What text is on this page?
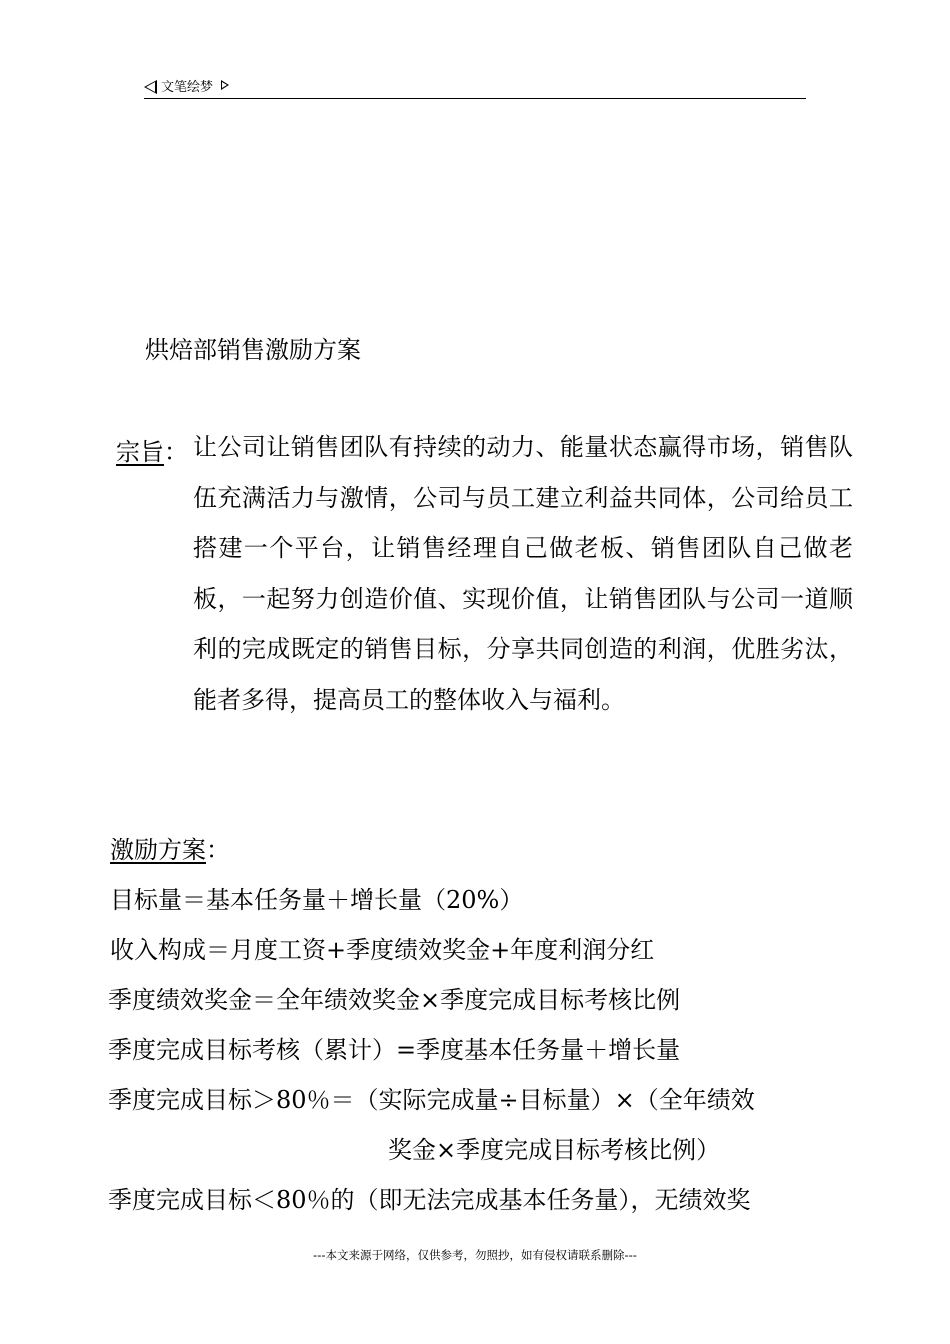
文笔绘梦
烘焙部销售激励方案
宗旨： 让公司让销售团队有持续的动力、能量状态赢得市场，销售队伍充满活力与激情，公司与员工建立利益共同体，公司给员工搭建一个平台，让销售经理自己做老板、销售团队自己做老板，一起努力创造价值、实现价值，让销售团队与公司一道顺利的完成既定的销售目标，分享共同创造的利润，优胜劣汰，能者多得，提高员工的整体收入与福利。
激励方案：
目标量＝基本任务量＋增长量（20%）
收入构成＝月度工资+季度绩效奖金+年度利润分红
季度绩效奖金＝全年绩效奖金×季度完成目标考核比例
季度完成目标考核（累计）=季度基本任务量＋增长量
季度完成目标＞80％＝（实际完成量÷目标量）×（全年绩效
奖金×季度完成目标考核比例）
季度完成目标＜80％的（即无法完成基本任务量），无绩效奖
---本文来源于网络，仅供参考，勿照抄，如有侵权请联系删除---
